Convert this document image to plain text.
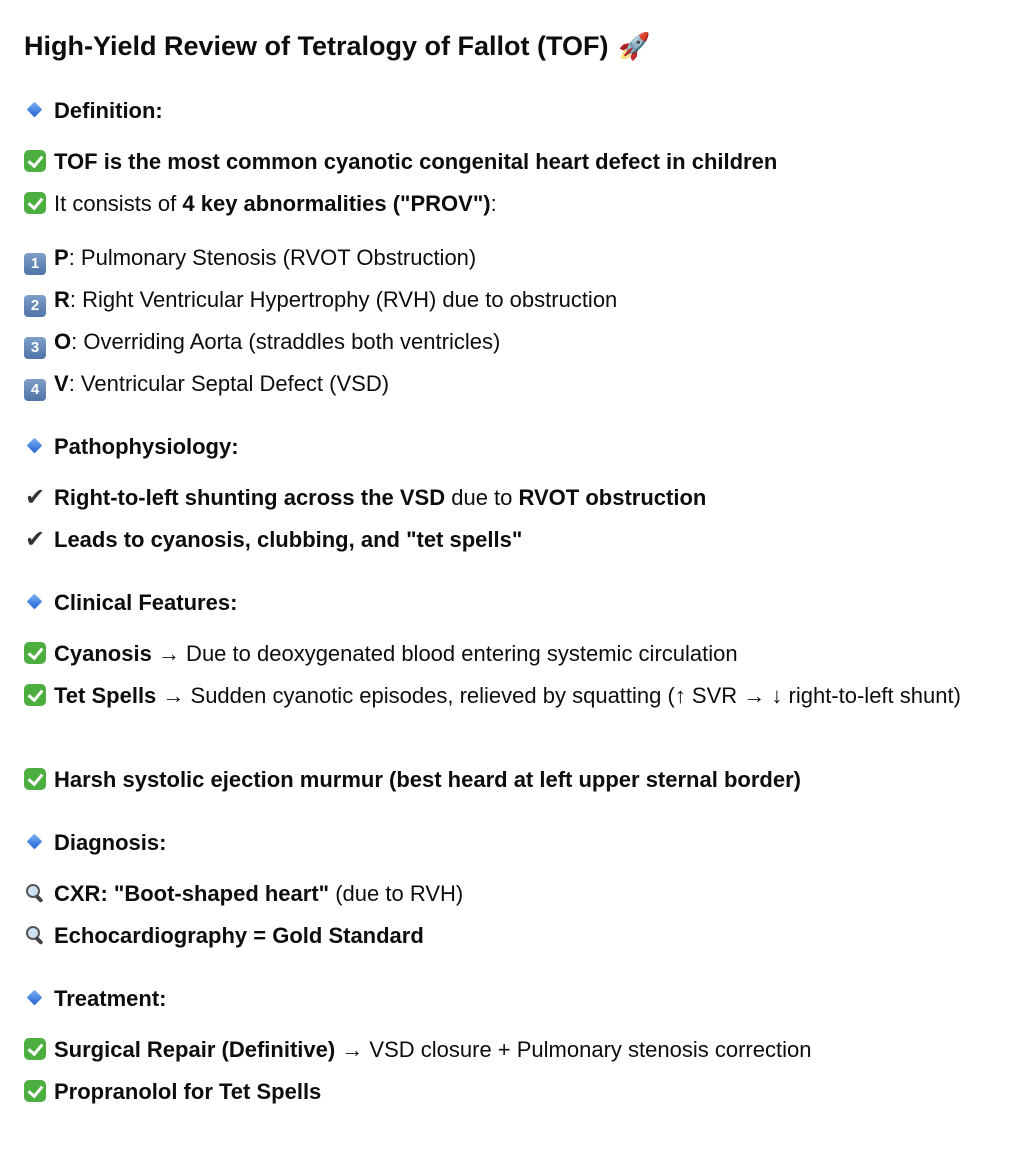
High-Yield Review of Tetralogy of Fallot (TOF) 🚀
Definition:
TOF is the most common cyanotic congenital heart defect in children
It consists of 4 key abnormalities ("PROV"):
1 P: Pulmonary Stenosis (RVOT Obstruction)
2 R: Right Ventricular Hypertrophy (RVH) due to obstruction
3 O: Overriding Aorta (straddles both ventricles)
4 V: Ventricular Septal Defect (VSD)
Pathophysiology:
✔ Right-to-left shunting across the VSD due to RVOT obstruction
✔ Leads to cyanosis, clubbing, and "tet spells"
Clinical Features:
Cyanosis → Due to deoxygenated blood entering systemic circulation
Tet Spells → Sudden cyanotic episodes, relieved by squatting (↑ SVR → ↓ right-to-left shunt)
Harsh systolic ejection murmur (best heard at left upper sternal border)
Diagnosis:
CXR: "Boot-shaped heart" (due to RVH)
Echocardiography = Gold Standard
Treatment:
Surgical Repair (Definitive) → VSD closure + Pulmonary stenosis correction
Propranolol for Tet Spells
